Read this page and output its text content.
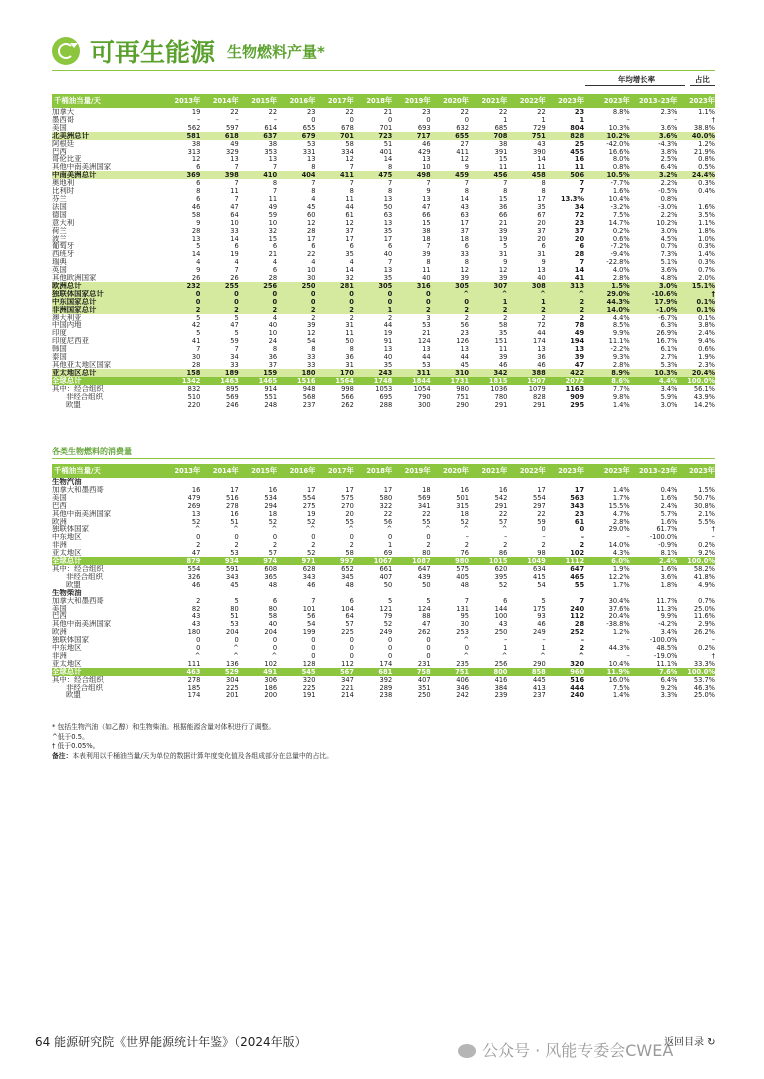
可再生能源 生物燃料产量*
年均增长率	占比
千桶油当量/天	2013年	2014年	2015年	2016年	2017年	2018年	2019年	2020年	2021年	2022年	2023年	2023年	2013–23年	2023年
加拿大	19	22	22	23	22	21	23	22	22	22	23	8.8%	2.3%	1.1%
墨西哥	–	–	–	0	0	0	0	0	1	1	1	–	–	†
美国	562	597	614	655	678	701	693	632	685	729	804	10.3%	3.6%	38.8%
北美洲总计	581	618	637	679	701	723	717	655	708	751	828	10.2%	3.6%	40.0%
阿根廷	38	49	38	53	58	51	46	27	38	43	25	-42.0%	-4.3%	1.2%
巴西	313	329	353	331	334	401	429	411	391	390	455	16.6%	3.8%	21.9%
哥伦比亚	12	13	13	13	12	14	13	12	15	14	16	8.0%	2.5%	0.8%
其他中南美洲国家	6	7	7	8	7	8	10	9	11	11	11	0.8%	6.4%	0.5%
中南美洲总计	369	398	410	404	411	475	498	459	456	458	506	10.5%	3.2%	24.4%
奥地利	6	7	8	7	7	7	7	7	7	8	7	-7.7%	2.2%	0.3%
比利时	8	11	7	8	8	8	9	8	8	8	7	1.6%	-0.5%	0.4%
芬兰	6	7	11	4	11	13	13	14	15	17	13.3%	10.4%	0.8%	
法国	46	47	49	45	44	50	47	43	36	35	34	-3.2%	-3.0%	1.6%
德国	58	64	59	60	61	63	66	63	66	67	72	7.5%	2.2%	3.5%
意大利	9	10	10	12	12	13	15	17	21	20	23	14.7%	10.2%	1.1%
荷兰	28	33	32	28	37	35	38	37	39	37	37	0.2%	3.0%	1.8%
波兰	13	14	15	17	17	17	18	18	19	20	20	0.6%	4.5%	1.0%
葡萄牙	5	6	6	6	6	6	7	6	5	6	6	-7.2%	0.7%	0.3%
西班牙	14	19	21	22	35	40	39	33	31	31	28	-9.4%	7.3%	1.4%
瑞典	4	4	4	4	4	7	8	8	9	9	7	-22.8%	5.1%	0.3%
英国	9	7	6	10	14	13	11	12	12	13	14	4.0%	3.6%	0.7%
其他欧洲国家	26	26	28	30	32	35	40	39	39	40	41	2.8%	4.8%	2.0%
欧洲总计	232	255	256	250	281	305	316	305	307	308	313	1.5%	3.0%	15.1%
独联体国家总计	0	0	0	0	0	0	0	^	^	^	^	29.0%	-10.6%	†
中东国家总计	0	0	0	0	0	0	0	0	1	1	2	44.3%	17.9%	0.1%
非洲国家总计	2	2	2	2	2	1	2	2	2	2	2	14.0%	-1.0%	0.1%
澳大利亚	5	5	4	2	2	2	3	2	2	2	2	4.4%	-6.7%	0.1%
中国内地	42	47	40	39	31	44	53	56	58	72	78	8.5%	6.3%	3.8%
印度	5	5	10	12	11	19	21	23	35	44	49	9.9%	26.9%	2.4%
印度尼西亚	41	59	24	54	50	91	124	126	151	174	194	11.1%	16.7%	9.4%
韩国	7	7	8	8	8	13	13	13	11	13	13	-2.2%	6.1%	0.6%
泰国	30	34	36	33	36	40	44	44	39	36	39	9.3%	2.7%	1.9%
其他亚太地区国家	28	33	37	33	31	35	53	45	46	46	47	2.8%	5.3%	2.3%
亚太地区总计	158	189	159	180	170	243	311	310	342	388	422	8.9%	10.3%	20.4%
全球总计	1342	1463	1465	1516	1564	1748	1844	1731	1815	1907	2072	8.6%	4.4%	100.0%
其中：经合组织	832	895	914	948	998	1053	1054	980	1036	1079	1163	7.7%	3.4%	56.1%
非经合组织	510	569	551	568	566	695	790	751	780	828	909	9.8%	5.9%	43.9%
欧盟	220	246	248	237	262	288	300	290	291	291	295	1.4%	3.0%	14.2%
各类生物燃料的消费量
千桶油当量/天	2013年	2014年	2015年	2016年	2017年	2018年	2019年	2020年	2021年	2022年	2023年	2023年	2013–23年	2023年
生物汽油														
加拿大和墨西哥	16	17	16	17	17	17	18	16	16	17	17	1.4%	0.4%	1.5%
美国	479	516	534	554	575	580	569	501	542	554	563	1.7%	1.6%	50.7%
巴西	269	278	294	275	270	322	341	315	291	297	343	15.5%	2.4%	30.8%
其他中南美洲国家	13	16	18	19	20	22	22	18	22	22	23	4.7%	5.7%	2.1%
欧洲	52	51	52	52	55	56	55	52	57	59	61	2.8%	1.6%	5.5%
独联体国家	^	^	^	^	^	^	^	^	^	0	0	29.0%	61.7%	†
中东地区	0	0	0	0	0	0	0	–	–	–	–	–	-100.0%	–
非洲	2	2	2	2	2	1	2	2	2	2	2	14.0%	-0.9%	0.2%
亚太地区	47	53	57	52	58	69	80	76	86	98	102	4.3%	8.1%	9.2%
全球总计	879	934	974	971	997	1067	1087	980	1015	1049	1112	6.0%	2.4%	100.0%
其中：经合组织	554	591	608	628	652	661	647	575	620	634	647	1.9%	1.6%	58.2%
非经合组织	326	343	365	343	345	407	439	405	395	415	465	12.2%	3.6%	41.8%
欧盟	46	45	48	46	48	50	50	48	52	54	55	1.7%	1.8%	4.9%
生物柴油														
加拿大和墨西哥	2	5	6	7	6	5	5	7	6	5	7	30.4%	11.7%	0.7%
美国	82	80	80	101	104	121	124	131	144	175	240	37.6%	11.3%	25.0%
巴西	43	51	58	56	64	79	88	95	100	93	112	20.4%	9.9%	11.6%
其他中南美洲国家	43	53	40	54	57	52	47	30	43	46	28	-38.8%	-4.2%	2.9%
欧洲	180	204	204	199	225	249	262	253	250	249	252	1.2%	3.4%	26.2%
独联体国家	0	0	0	0	0	0	0	^	–	–	–	–	-100.0%	–
中东地区	0	^	0	0	0	0	0	0	1	1	2	44.3%	48.5%	0.2%
非洲	^	^	^	0	0	0	0	^	^	^	^	–	-19.0%	†
亚太地区	111	136	102	128	112	174	231	235	256	290	320	10.4%	11.1%	33.3%
全球总计	463	529	491	545	567	681	758	751	800	858	960	11.9%	7.6%	100.0%
其中：经合组织	278	304	306	320	347	392	407	406	416	445	516	16.0%	6.4%	53.7%
非经合组织	185	225	186	225	221	289	351	346	384	413	444	7.5%	9.2%	46.3%
欧盟	174	201	200	191	214	238	250	242	239	237	240	1.4%	3.3%	25.0%
* 包括生物汽油（如乙醇）和生物柴油。根据能源含量对体积进行了调整。
^低于0.5。
† 低于0.05%。
备注：本表利用以千桶油当量/天为单位的数据计算年度变化值及各组成部分在总量中的占比。
64 能源研究院《世界能源统计年鉴》（2024年版）	公众号 · 风能专委会CWEA
返回目录 ↻
